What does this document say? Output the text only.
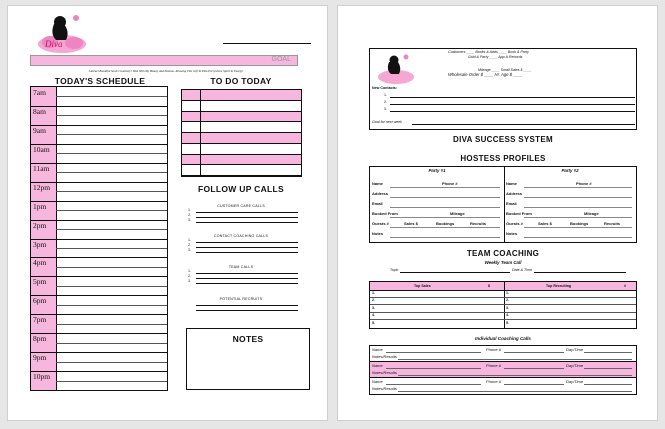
Diva
GOAL
I Attract Beautiful Souls Creatively! Wish With My Beauty And Passion. Allowing This Gift To Pink Everywhere Spirit In Energy!
TODAY'S SCHEDULE
7am
8am
9am
10am
11am
12pm
1pm
2pm
3pm
4pm
5pm
6pm
7pm
8pm
9pm
10pm
TO DO TODAY
FOLLOW UP CALLS
NOTES
CUSTOMER CARE CALLS
1.
2.
3.
CONTACT COACHING CALLS
1.
2.
3.
TEAM CALLS
1.
2.
3.
POTENTIAL RECRUITS
Customers ____ Books & Adds ____ Book & Party
Gold & Party ____ App & Records
Mileage ____ Small Sales $ ____
Wholesale Order $ ____ Hr. Age $ ____
New Contacts:
1.
2.
3.
Goal for next week
DIVA SUCCESS SYSTEM
HOSTESS PROFILES
Party #1
Name	Phone #
Address
Email
Booked From	Mileage
Guests #	Sales $	Bookings	Recruits
Notes
Party #2
Name	Phone #
Address
Email
Booked From	Mileage
Guests #	Sales $	Bookings	Recruits
Notes
TEAM COACHING
Weekly Team Call
Topic	Date & Time
Top Sales	$	Top Recruiting	#
1.	1.
2.	2.
3.	3.
4.	4.
5.	5.
Individual Coaching Calls
Name	Phone #	Day/Time
Notes/Results
Name	Phone #	Day/Time
Notes/Results
Name	Phone #	Day/Time
Notes/Results
